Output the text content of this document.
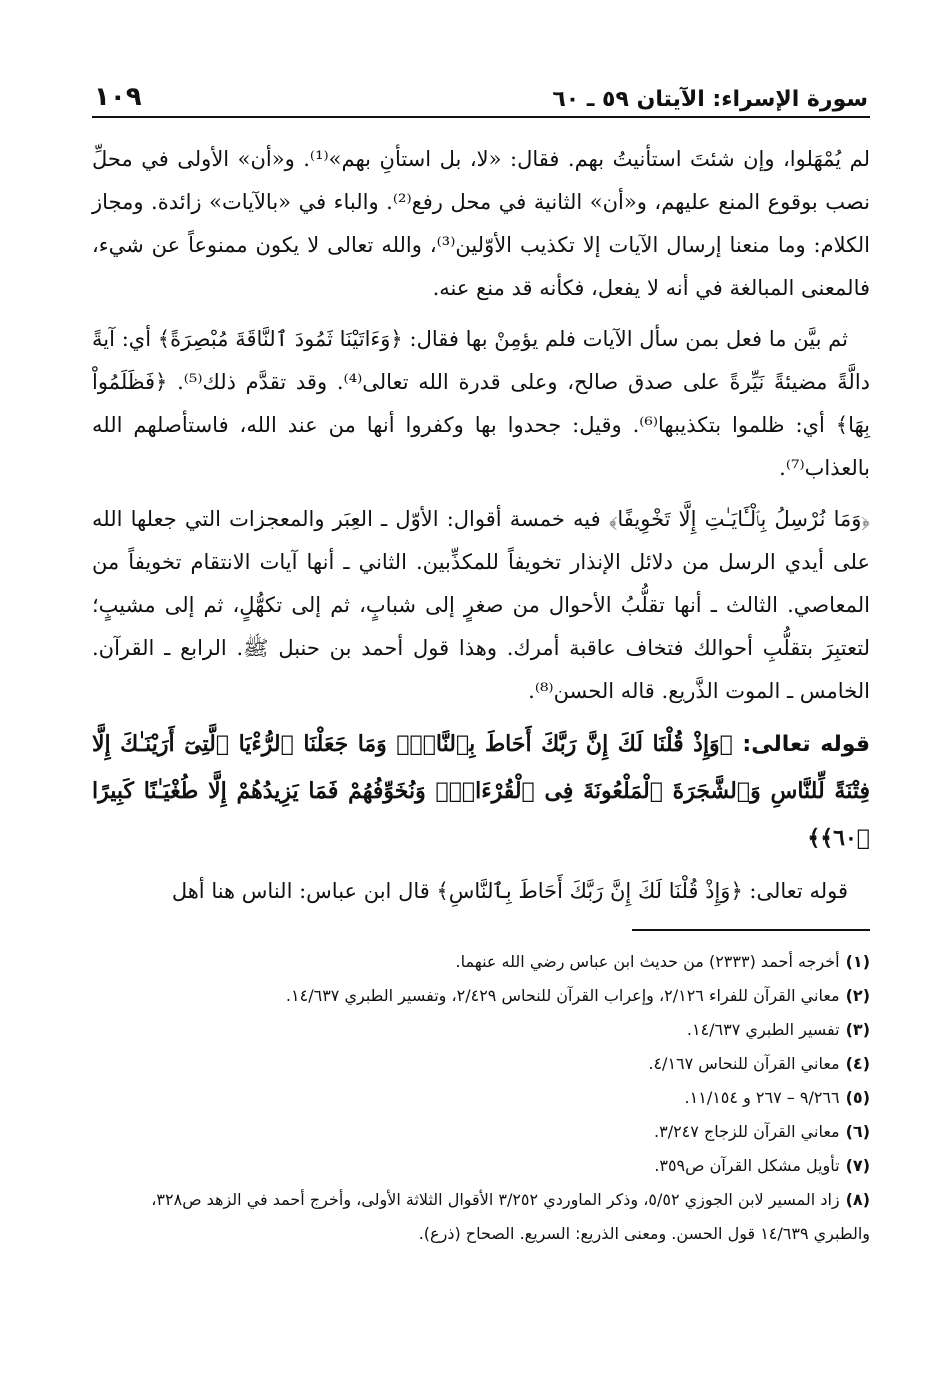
سورة الإسراء: الآيتان ٥٩ ـ ٦٠
١٠٩

لم يُمْهَلوا، وإن شئتَ استأنيتُ بهم. فقال: «لا، بل استأنِ بهم»⁽¹⁾. و«أن» الأولى في محلِّ نصب بوقوع المنع عليهم، و«أن» الثانية في محل رفع⁽²⁾. والباء في «بالآيات» زائدة. ومجاز الكلام: وما منعنا إرسال الآيات إلا تكذيب الأوّلين⁽³⁾، والله تعالى لا يكون ممنوعاً عن شيء، فالمعنى المبالغة في أنه لا يفعل، فكأنه قد منع عنه.

ثم بيَّن ما فعل بمن سأل الآيات فلم يؤمِنْ بها فقال: ﴿وَءَاتَيْنَا ثَمُودَ ٱلنَّاقَةَ مُبْصِرَةً﴾ أي: آيةً دالَّةً مضيئةً نَيِّرةً على صدق صالح، وعلى قدرة الله تعالى⁽⁴⁾. وقد تقدَّم ذلك⁽⁵⁾. ﴿فَظَلَمُواْ بِهَا﴾ أي: ظلموا بتكذيبها⁽⁶⁾. وقيل: جحدوا بها وكفروا أنها من عند الله، فاستأصلهم الله بالعذاب⁽⁷⁾.

﴿وَمَا نُرْسِلُ بِٱلْـَٔايَـٰتِ إِلَّا تَخْوِيفًا﴾ فيه خمسة أقوال: الأوّل ـ العِبَر والمعجزات التي جعلها الله على أيدي الرسل من دلائل الإنذار تخويفاً للمكذِّبين. الثاني ـ أنها آيات الانتقام تخويفاً من المعاصي. الثالث ـ أنها تقلُّبُ الأحوال من صغرٍ إلى شبابٍ، ثم إلى تكهُّلٍ، ثم إلى مشيبٍ؛ لتعتبِرَ بتقلُّبِ أحوالك فتخاف عاقبة أمرك. وهذا قول أحمد بن حنبل ﷺ. الرابع ـ القرآن. الخامس ـ الموت الذَّريع. قاله الحسن⁽⁸⁾.

قوله تعالى: ﴿وَإِذْ قُلْنَا لَكَ إِنَّ رَبَّكَ أَحَاطَ بِٱلنَّاسِۚ وَمَا جَعَلْنَا ٱلرُّءْيَا ٱلَّتِىٓ أَرَيْنَـٰكَ إِلَّا فِتْنَةً لِّلنَّاسِ وَٱلشَّجَرَةَ ٱلْمَلْعُونَةَ فِى ٱلْقُرْءَانِۚ وَنُخَوِّفُهُمْ فَمَا يَزِيدُهُمْ إِلَّا طُغْيَـٰنًا كَبِيرًا ﴿٦٠﴾﴾

قوله تعالى: ﴿وَإِذْ قُلْنَا لَكَ إِنَّ رَبَّكَ أَحَاطَ بِٱلنَّاسِ﴾ قال ابن عباس: الناس هنا أهل

(١)أخرجه أحمد (٢٣٣٣) من حديث ابن عباس رضي الله عنهما.

(٢)معاني القرآن للفراء ٢/١٢٦، وإعراب القرآن للنحاس ٢/٤٢٩، وتفسير الطبري ١٤/٦٣٧.

(٣)تفسير الطبري ١٤/٦٣٧.

(٤)معاني القرآن للنحاس ٤/١٦٧.

(٥)٩/٢٦٦ – ٢٦٧ و ١١/١٥٤.

(٦)معاني القرآن للزجاج ٣/٢٤٧.

(٧)تأويل مشكل القرآن ص٣٥٩.

(٨)زاد المسير لابن الجوزي ٥/٥٢، وذكر الماوردي ٣/٢٥٢ الأقوال الثلاثة الأولى، وأخرج أحمد في الزهد ص٣٢٨، والطبري ١٤/٦٣٩ قول الحسن. ومعنى الذريع: السريع. الصحاح (ذرع).
